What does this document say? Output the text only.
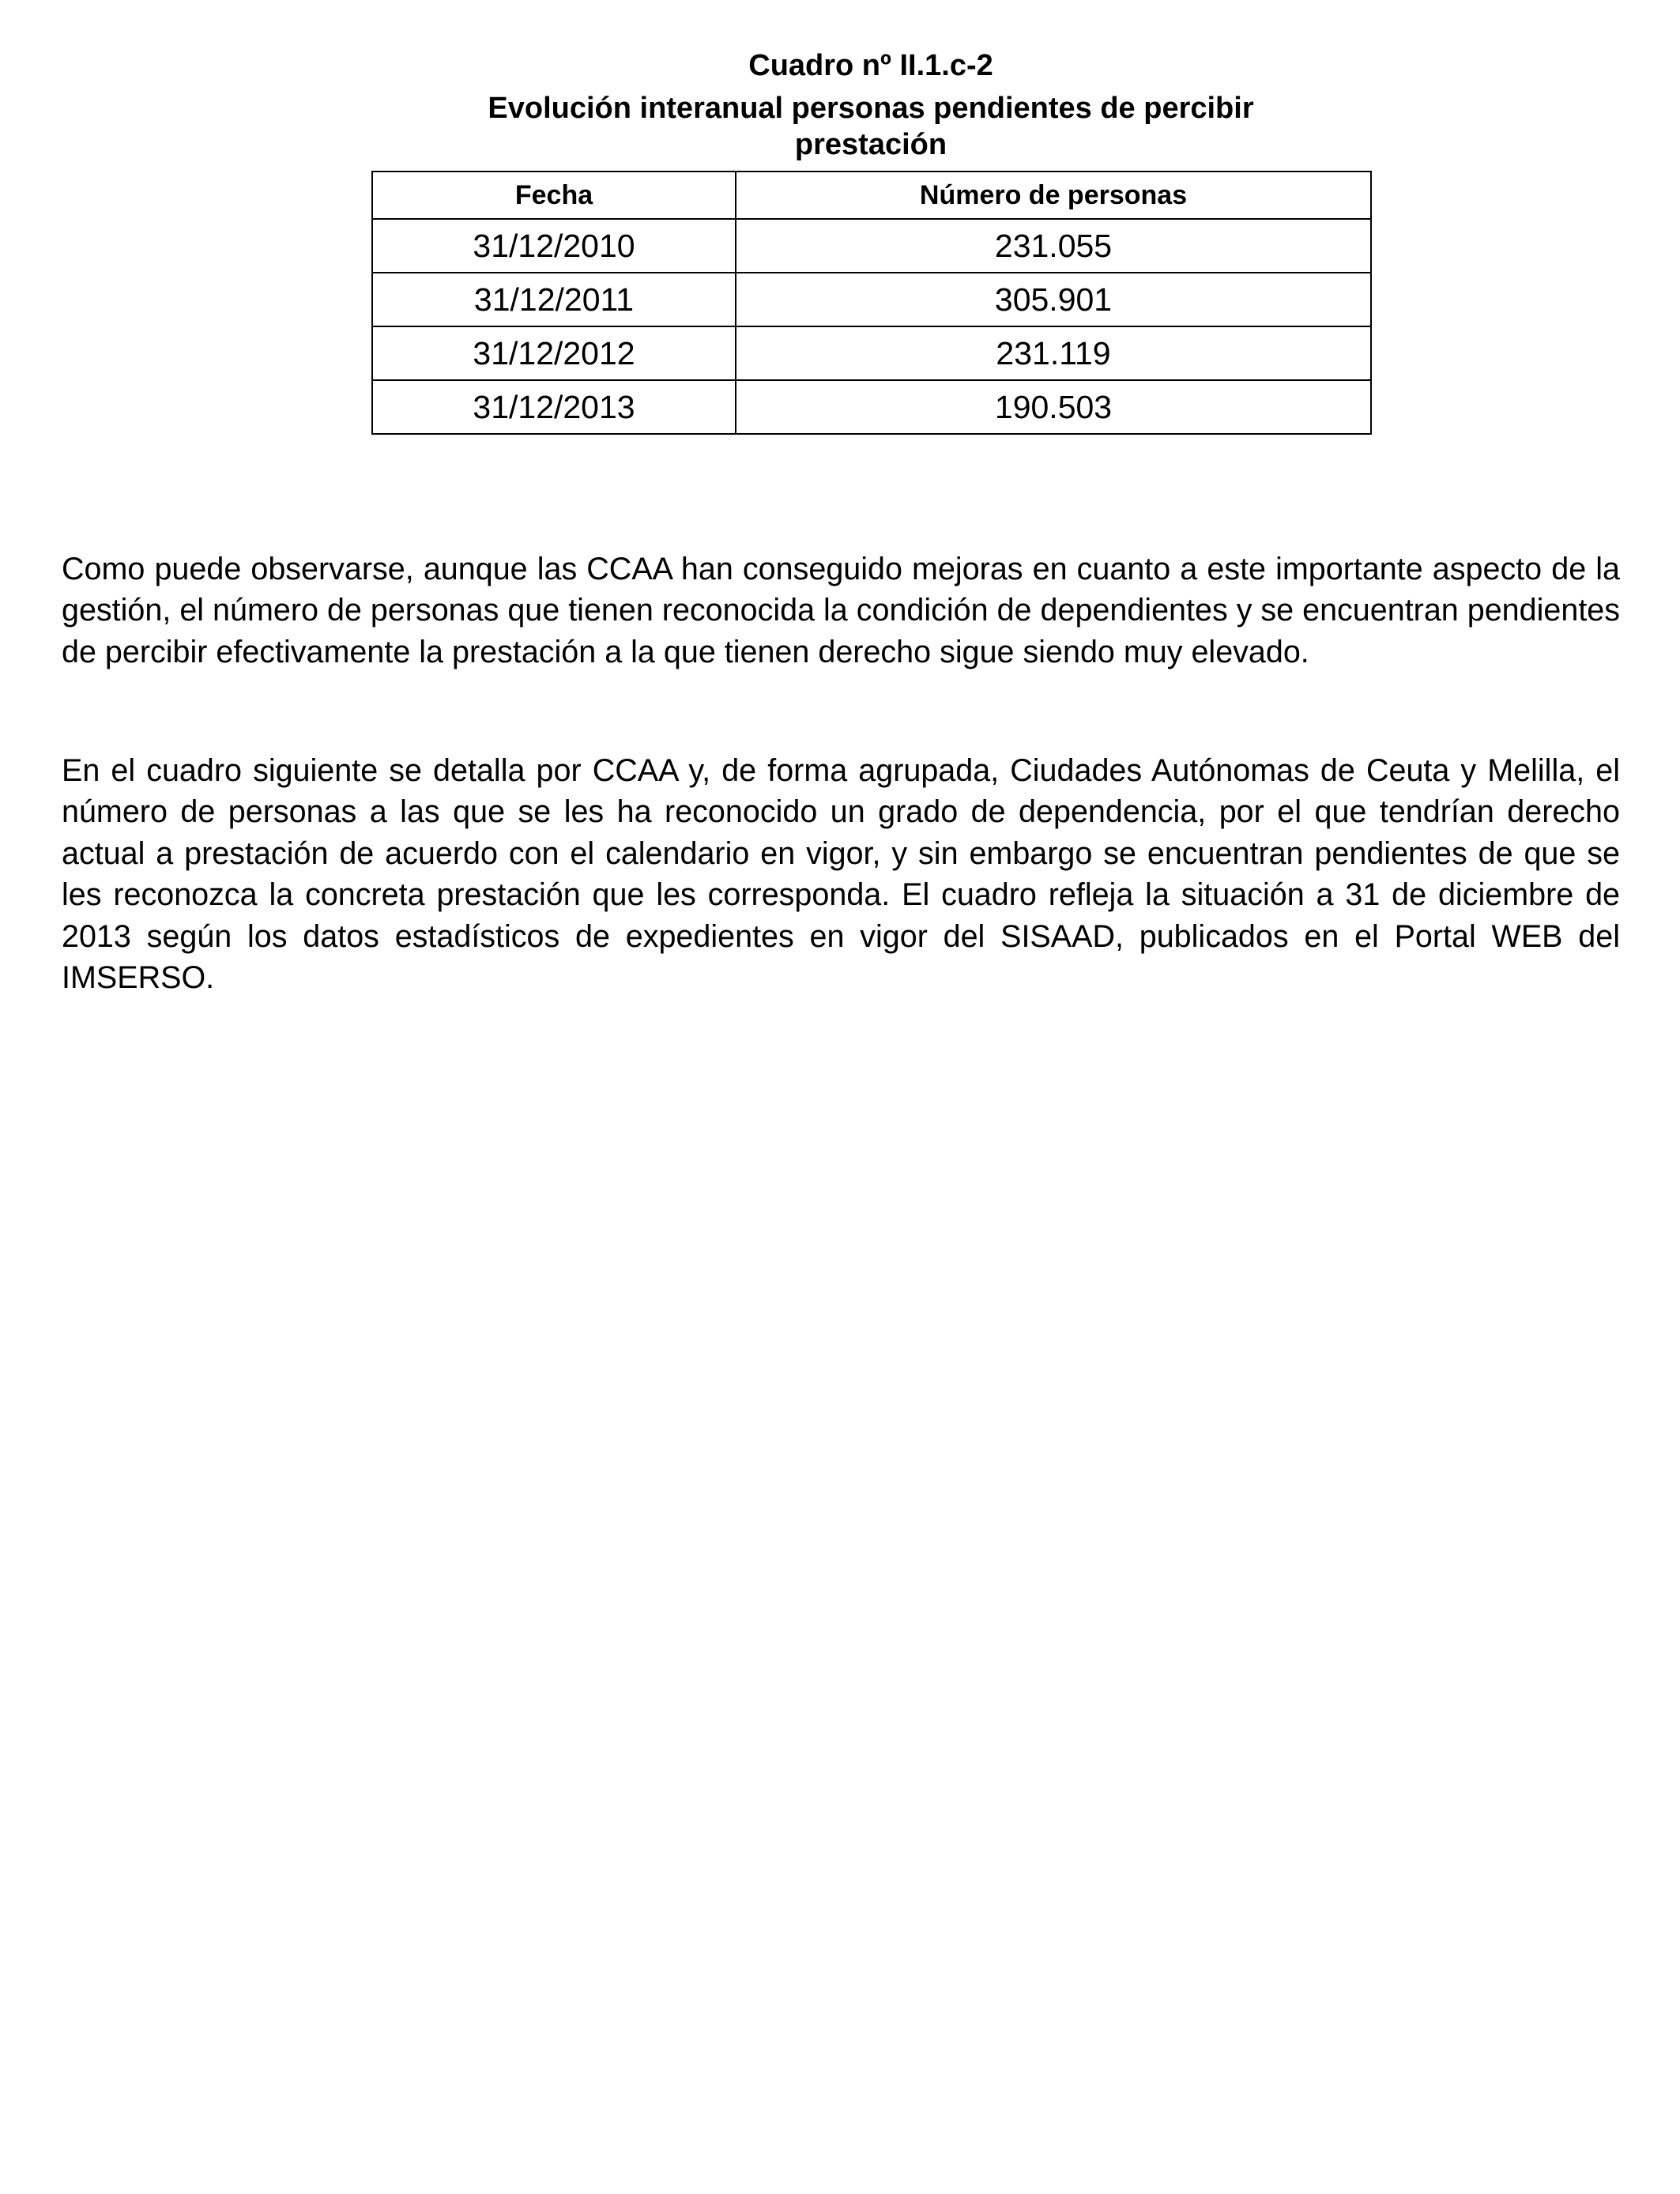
Cuadro nº II.1.c-2
Evolución interanual personas pendientes de percibir
prestación
Fecha	Número de personas
31/12/2010	231.055
31/12/2011	305.901
31/12/2012	231.119
31/12/2013	190.503

Como puede observarse, aunque las CCAA han conseguido mejoras en cuanto a este importante aspecto de la gestión, el número de personas que tienen reconocida la condición de dependientes y se encuentran pendientes de percibir efectivamente la prestación a la que tienen derecho sigue siendo muy elevado.

En el cuadro siguiente se detalla por CCAA y, de forma agrupada, Ciudades Autónomas de Ceuta y Melilla, el número de personas a las que se les ha reconocido un grado de dependencia, por el que tendrían derecho actual a prestación de acuerdo con el calendario en vigor, y sin embargo se encuentran pendientes de que se les reconozca la concreta prestación que les corresponda. El cuadro refleja la situación a 31 de diciembre de 2013 según los datos estadísticos de expedientes en vigor del SISAAD, publicados en el Portal WEB del IMSERSO.
